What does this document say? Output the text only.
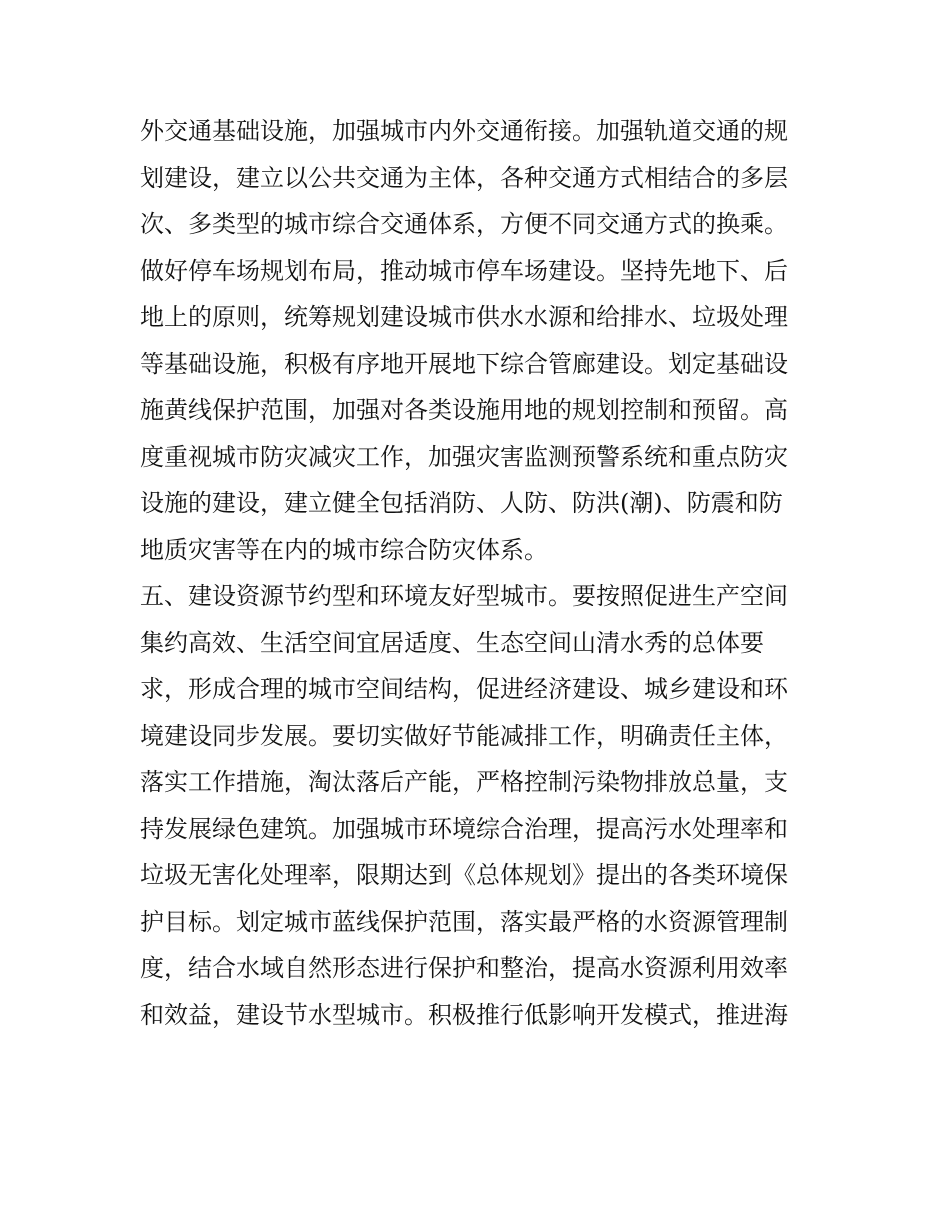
外交通基础设施，加强城市内外交通衔接。加强轨道交通的规
划建设，建立以公共交通为主体，各种交通方式相结合的多层
次、多类型的城市综合交通体系，方便不同交通方式的换乘。
做好停车场规划布局，推动城市停车场建设。坚持先地下、后
地上的原则，统筹规划建设城市供水水源和给排水、垃圾处理
等基础设施，积极有序地开展地下综合管廊建设。划定基础设
施黄线保护范围，加强对各类设施用地的规划控制和预留。高
度重视城市防灾减灾工作，加强灾害监测预警系统和重点防灾
设施的建设，建立健全包括消防、人防、防洪(潮)、防震和防
地质灾害等在内的城市综合防灾体系。
五、建设资源节约型和环境友好型城市。要按照促进生产空间
集约高效、生活空间宜居适度、生态空间山清水秀的总体要
求，形成合理的城市空间结构，促进经济建设、城乡建设和环
境建设同步发展。要切实做好节能减排工作，明确责任主体，
落实工作措施，淘汰落后产能，严格控制污染物排放总量，支
持发展绿色建筑。加强城市环境综合治理，提高污水处理率和
垃圾无害化处理率，限期达到《总体规划》提出的各类环境保
护目标。划定城市蓝线保护范围，落实最严格的水资源管理制
度，结合水域自然形态进行保护和整治，提高水资源利用效率
和效益，建设节水型城市。积极推行低影响开发模式，推进海
